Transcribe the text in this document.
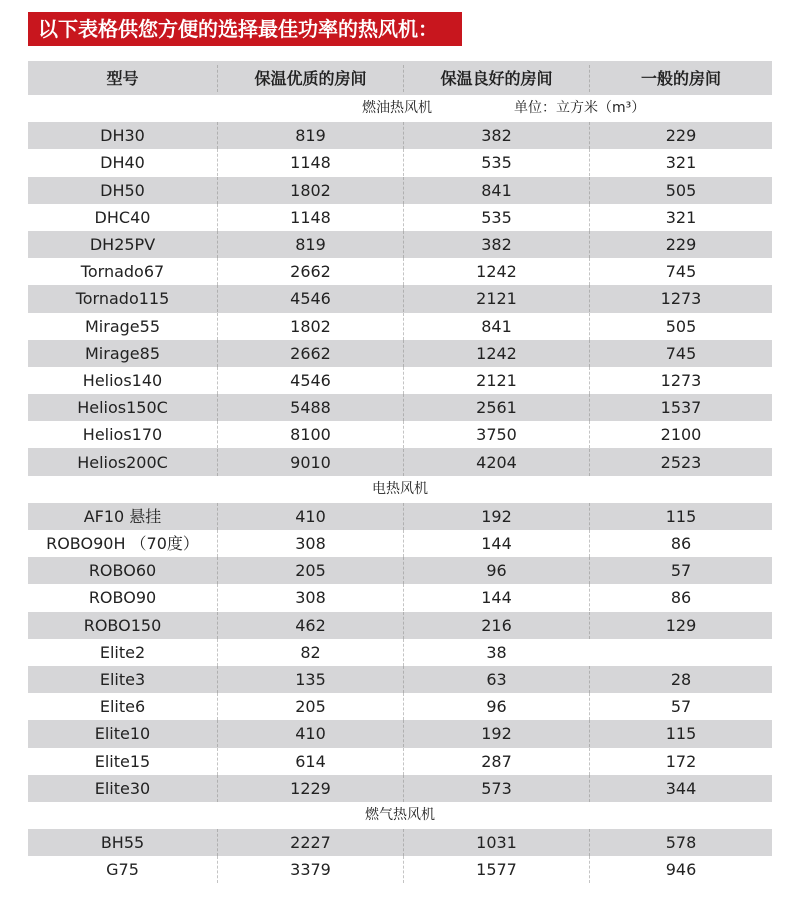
以下表格供您方便的选择最佳功率的热风机：
型号	保温优质的房间	保温良好的房间	一般的房间
燃油热风机	单位：立方米（m³）
DH30	819	382	229
DH40	1148	535	321
DH50	1802	841	505
DHC40	1148	535	321
DH25PV	819	382	229
Tornado67	2662	1242	745
Tornado115	4546	2121	1273
Mirage55	1802	841	505
Mirage85	2662	1242	745
Helios140	4546	2121	1273
Helios150C	5488	2561	1537
Helios170	8100	3750	2100
Helios200C	9010	4204	2523
电热风机
AF10 悬挂	410	192	115
ROBO90H （70度）	308	144	86
ROBO60	205	96	57
ROBO90	308	144	86
ROBO150	462	216	129
Elite2	82	38
Elite3	135	63	28
Elite6	205	96	57
Elite10	410	192	115
Elite15	614	287	172
Elite30	1229	573	344
燃气热风机
BH55	2227	1031	578
G75	3379	1577	946
